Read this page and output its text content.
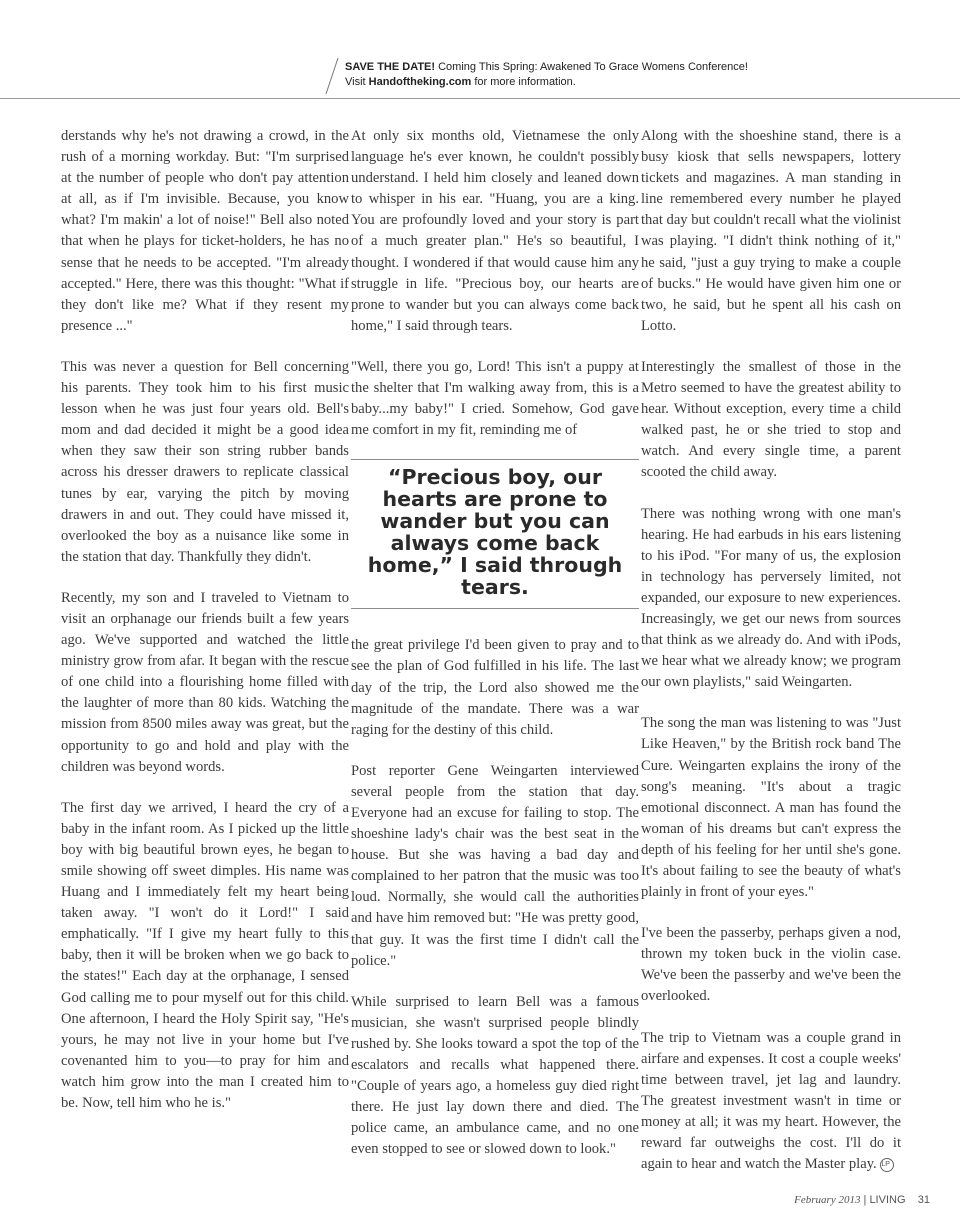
SAVE THE DATE! Coming This Spring: Awakened To Grace Womens Conference!
Visit Handoftheking.com for more information.

derstands why he's not drawing a crowd, in the rush of a morning workday. But: "I'm surprised at the number of people who don't pay attention at all, as if I'm invisible. Because, you know what? I'm makin' a lot of noise!" Bell also noted that when he plays for ticket-holders, he has no sense that he needs to be accepted. "I'm already accepted." Here, there was this thought: "What if they don't like me? What if they resent my presence ..."

This was never a question for Bell concerning his parents. They took him to his first music lesson when he was just four years old. Bell's mom and dad decided it might be a good idea when they saw their son string rubber bands across his dresser drawers to replicate classical tunes by ear, varying the pitch by moving drawers in and out. They could have missed it, overlooked the boy as a nuisance like some in the station that day. Thankfully they didn't.

Recently, my son and I traveled to Vietnam to visit an orphanage our friends built a few years ago. We've supported and watched the little ministry grow from afar. It began with the rescue of one child into a flourishing home filled with the laughter of more than 80 kids. Watching the mission from 8500 miles away was great, but the opportunity to go and hold and play with the children was beyond words.

The first day we arrived, I heard the cry of a baby in the infant room. As I picked up the little boy with big beautiful brown eyes, he began to smile showing off sweet dimples. His name was Huang and I immediately felt my heart being taken away. "I won't do it Lord!" I said emphatically. "If I give my heart fully to this baby, then it will be broken when we go back to the states!" Each day at the orphanage, I sensed God calling me to pour myself out for this child. One afternoon, I heard the Holy Spirit say, "He's yours, he may not live in your home but I've covenanted him to you—to pray for him and watch him grow into the man I created him to be. Now, tell him who he is."

At only six months old, Vietnamese the only language he's ever known, he couldn't possibly understand. I held him closely and leaned down to whisper in his ear. "Huang, you are a king. You are profoundly loved and your story is part of a much greater plan." He's so beautiful, I thought. I wondered if that would cause him any struggle in life. "Precious boy, our hearts are prone to wander but you can always come back home," I said through tears.

"Well, there you go, Lord! This isn't a puppy at the shelter that I'm walking away from, this is a baby...my baby!" I cried. Somehow, God gave me comfort in my fit, reminding me of

“Precious boy, our hearts are prone to wander but you can always come back home,” I said through tears.

the great privilege I'd been given to pray and to see the plan of God fulfilled in his life. The last day of the trip, the Lord also showed me the magnitude of the mandate. There was a war raging for the destiny of this child.

Post reporter Gene Weingarten interviewed several people from the station that day. Everyone had an excuse for failing to stop. The shoeshine lady's chair was the best seat in the house. But she was having a bad day and complained to her patron that the music was too loud. Normally, she would call the authorities and have him removed but: "He was pretty good, that guy. It was the first time I didn't call the police."

While surprised to learn Bell was a famous musician, she wasn't surprised people blindly rushed by. She looks toward a spot the top of the escalators and recalls what happened there. "Couple of years ago, a homeless guy died right there. He just lay down there and died. The police came, an ambulance came, and no one even stopped to see or slowed down to look."

Along with the shoeshine stand, there is a busy kiosk that sells newspapers, lottery tickets and magazines. A man standing in line remembered every number he played that day but couldn't recall what the violinist was playing. "I didn't think nothing of it," he said, "just a guy trying to make a couple of bucks." He would have given him one or two, he said, but he spent all his cash on Lotto.

Interestingly the smallest of those in the Metro seemed to have the greatest ability to hear. Without exception, every time a child walked past, he or she tried to stop and watch. And every single time, a parent scooted the child away.

There was nothing wrong with one man's hearing. He had earbuds in his ears listening to his iPod. "For many of us, the explosion in technology has perversely limited, not expanded, our exposure to new experiences. Increasingly, we get our news from sources that think as we already do. And with iPods, we hear what we already know; we program our own playlists," said Weingarten.

The song the man was listening to was "Just Like Heaven," by the British rock band The Cure. Weingarten explains the irony of the song's meaning. "It's about a tragic emotional disconnect. A man has found the woman of his dreams but can't express the depth of his feeling for her until she's gone. It's about failing to see the beauty of what's plainly in front of your eyes."

I've been the passerby, perhaps given a nod, thrown my token buck in the violin case. We've been the passerby and we've been the overlooked.

The trip to Vietnam was a couple grand in airfare and expenses. It cost a couple weeks' time between travel, jet lag and laundry. The greatest investment wasn't in time or money at all; it was my heart. However, the reward far outweighs the cost. I'll do it again to hear and watch the Master play. LP

February 2013 | LIVING 31
